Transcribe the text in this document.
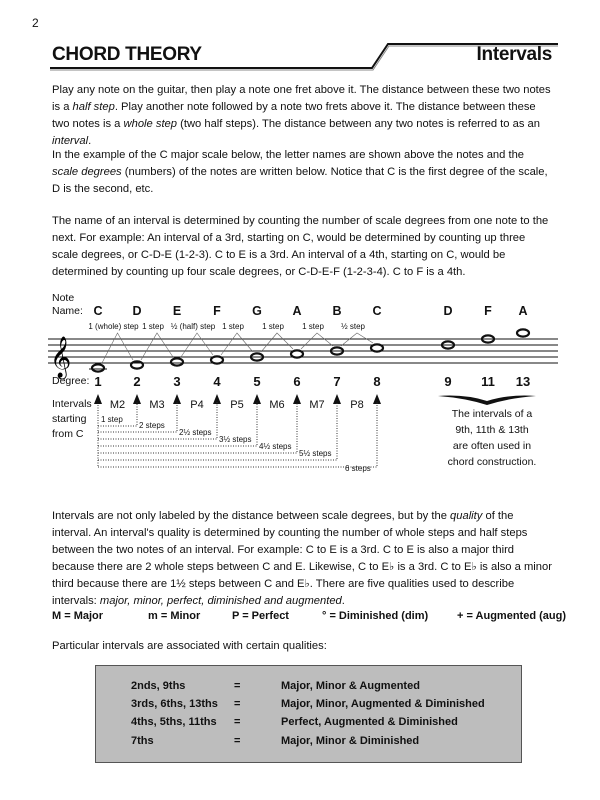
2
CHORD THEORY	Intervals
Play any note on the guitar, then play a note one fret above it. The distance between these two notes is a half step. Play another note followed by a note two frets above it. The distance between these two notes is a whole step (two half steps). The distance between any two notes is referred to as an interval.
In the example of the C major scale below, the letter names are shown above the notes and the scale degrees (numbers) of the notes are written below. Notice that C is the first degree of the scale, D is the second, etc.
The name of an interval is determined by counting the number of scale degrees from one note to the next. For example: An interval of a 3rd, starting on C, would be determined by counting up three scale degrees, or C-D-E (1-2-3). C to E is a 3rd. An interval of a 4th, starting on C, would be determined by counting up four scale degrees, or C-D-E-F (1-2-3-4). C to F is a 4th.
Note
Name:
Degree:
Intervals
starting
from C
𝄞
The intervals of a
9th, 11th & 13th
are often used in
chord construction.
Intervals are not only labeled by the distance between scale degrees, but by the quality of the interval. An interval's quality is determined by counting the number of whole steps and half steps between the two notes of an interval. For example: C to E is a 3rd. C to E is also a major third because there are 2 whole steps between C and E. Likewise, C to E♭ is a 3rd. C to E♭ is also a minor third because there are 1½ steps between C and E♭. There are five qualities used to describe intervals: major, minor, perfect, diminished and augmented.
M = Major	m = Minor	P = Perfect	° = Diminished (dim)	+ = Augmented (aug)
Particular intervals are associated with certain qualities:
2nds, 9ths	=	Major, Minor & Augmented
3rds, 6ths, 13ths =	Major, Minor, Augmented & Diminished
4ths, 5ths, 11ths =	Perfect, Augmented & Diminished
7ths	=	Major, Minor & Diminished
C
1
D
2
E
3
F
4
G
5
A
6
B
7
C
8
D
9
F
11
A
13
1 (whole) step
M2
1 step
M3
½ (half) step
P4
1 step
P5
1 step
M6
1 step
M7
½ step
P8
1 step
2 steps
2½ steps
3½ steps
4½ steps
5½ steps
6 steps
